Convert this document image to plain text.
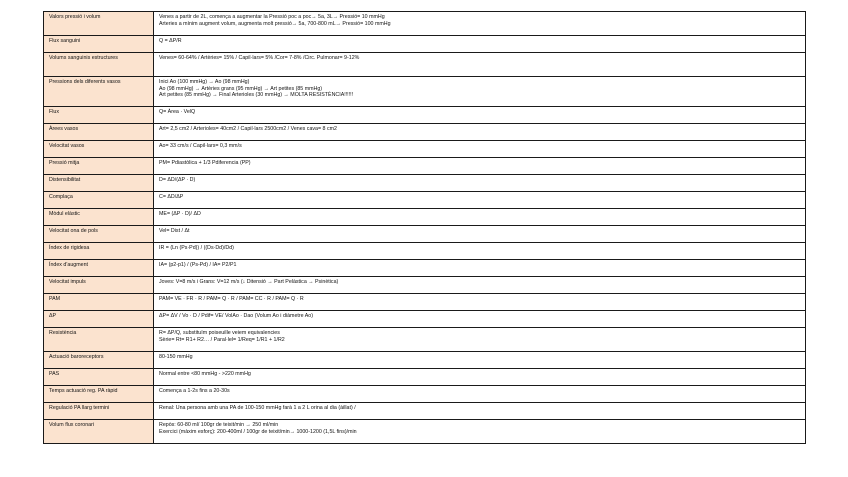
Valors pressió i volum	Venes a partir de 2L, comença a augmentar la Pressió poc a poc→ 5a, 3L→ Pressió= 10 mmHg
Arteries a mínim augment volum, augmenta molt pressió→ 5a, 700-800 mL→ Pressió= 100 mmHg
Flux sanguini	Q = ΔP/R
Volums sanguinis estructures	Venes= 60-64% / Artèries= 15% / Capil·lars= 5% /Cor= 7-8% /Circ. Pulmonar= 9-12%
Pressions dels diferents vasos	Inici Ao (100 mmHg) → Ao (98 mmHg)
Ao (98 mmHg) → Artèries grans (95 mmHg) → Art petites (85 mmHg)
Art petites (85 mmHg) → Final Arterioles (30 mmHg) → MOLTA RESISTÈNCIA!!!!!!
Flux	Q= Àrea · VelQ
Àrees vasos	Art= 2,5 cm2 / Arterioles= 40cm2 / Capil·lars 2500cm2 / Venes cava= 8 cm2
Velocitat vasos	Ao= 33 cm/s / Capil·lars= 0,3 mm/s
Pressió mitja	PM= Pdiastòlica + 1/3 Pdiferencia (PP)
Distensibilitat	D= ΔD/(ΔP · D)
Complaça	C= ΔD/ΔP
Mòdul elàstic	ME= (ΔP · D)/ ΔD
Velocitat ona de pols	Vel= Dist / Δt
Índex de rigidesa	IR = (Ln (Ps·Pd)) / ((Ds·Dd)/Dd)
Índex d'augment	IA= (p2-p1) / (Ps-Pd) / IA= P2/P1
Velocitat impuls	Joves: V=8 m/s i Grans: V=12 m/s (↓ Ditensió → Part Pelàstica → Psinètica)
PAM	PAM= VE · FR · R / PAM= Q · R / PAM= CC · R / PAM= Q · R
ΔP	ΔP= ΔV / Vo · D / Pdif= VE/ VolAo · Dao (Volum Ao i diàmetre Ao)
Resistència	R= ΔP/Q, substituïm poiseuille veiem equivalencies
Sèrie= Rt= R1+ R2… / Paral·lel= 1/Req= 1/R1 + 1/R2
Actuació baroreceptors	80-150 mmHg
PAS	Normal entre <80 mmHg - >220 mmHg
Temps actuació reg. PA ràpid	Comença a 1-2s fins a 20-30s
Regulació PA llarg termini	Renal: Una persona amb una PA de 100-150 mmHg farà 1 a 2 L orina al dia (àillat) /
Volum flux coronari	Repòs: 60-80 ml/ 100gr de teixit/min → 250 ml/min
Exercici (màxim esforç): 200-400ml / 100gr de teixit/min→ 1000-1200 (1,5L fins)/min
